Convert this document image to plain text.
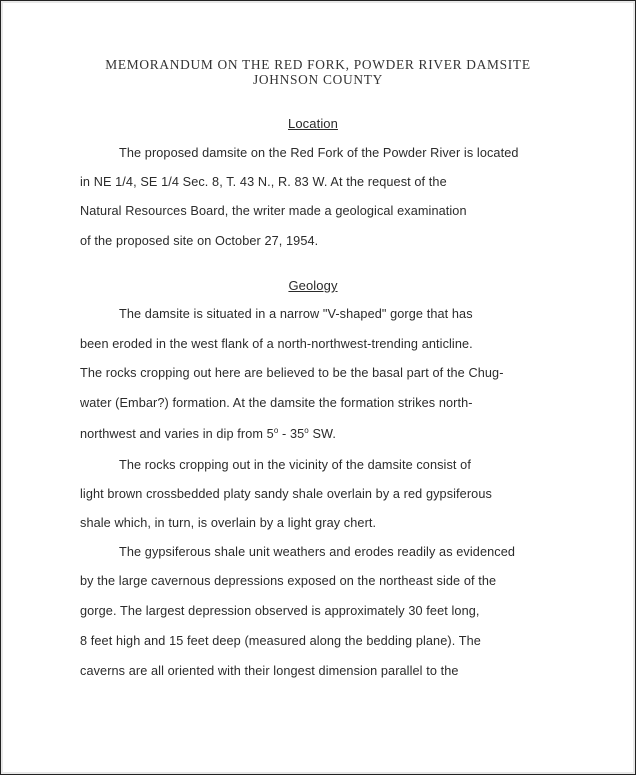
MEMORANDUM ON THE RED FORK, POWDER RIVER DAMSITE
JOHNSON COUNTY
Location
The proposed damsite on the Red Fork of the Powder River is located
in NE 1/4, SE 1/4 Sec. 8, T. 43 N., R. 83 W. At the request of the
Natural Resources Board, the writer made a geological examination
of the proposed site on October 27, 1954.
Geology
The damsite is situated in a narrow "V-shaped" gorge that has
been eroded in the west flank of a north-northwest-trending anticline.
The rocks cropping out here are believed to be the basal part of the Chug-
water (Embar?) formation. At the damsite the formation strikes north-
northwest and varies in dip from 5$^o$ - 35$^o$ SW.
The rocks cropping out in the vicinity of the damsite consist of
light brown crossbedded platy sandy shale overlain by a red gypsiferous
shale which, in turn, is overlain by a light gray chert.
The gypsiferous shale unit weathers and erodes readily as evidenced
by the large cavernous depressions exposed on the northeast side of the
gorge. The largest depression observed is approximately 30 feet long,
8 feet high and 15 feet deep (measured along the bedding plane). The
caverns are all oriented with their longest dimension parallel to the
